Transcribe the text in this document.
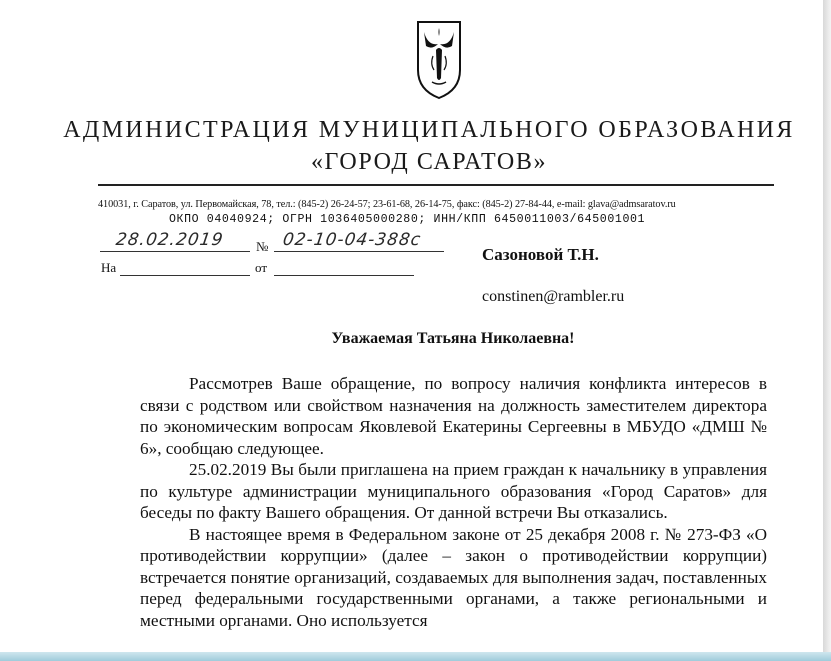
АДМИНИСТРАЦИЯ МУНИЦИПАЛЬНОГО ОБРАЗОВАНИЯ
«ГОРОД САРАТОВ»
410031, г. Саратов, ул. Первомайская, 78, тел.: (845-2) 26-24-57; 23-61-68, 26-14-75, факс: (845-2) 27-84-44, e-mail: glava@admsaratov.ru
ОКПО 04040924; ОГРН 1036405000280; ИНН/КПП 6450011003/645001001
28.02.2019 № 02-10-04-388с
На	от
Сазоновой Т.Н.
constinen@rambler.ru
Уважаемая Татьяна Николаевна!

Рассмотрев Ваше обращение, по вопросу наличия конфликта интересов в связи с родством или свойством назначения на должность заместителем директора по экономическим вопросам Яковлевой Екатерины Сергеевны в МБУДО «ДМШ № 6», сообщаю следующее.

25.02.2019 Вы были приглашена на прием граждан к начальнику в управления по культуре администрации муниципального образования «Город Саратов» для беседы по факту Вашего обращения. От данной встречи Вы отказались.

В настоящее время в Федеральном законе от 25 декабря 2008 г. № 273-ФЗ «О противодействии коррупции» (далее – закон о противодействии коррупции) встречается понятие организаций, создаваемых для выполнения задач, поставленных перед федеральными государственными органами, а также региональными и местными органами. Оно используется
